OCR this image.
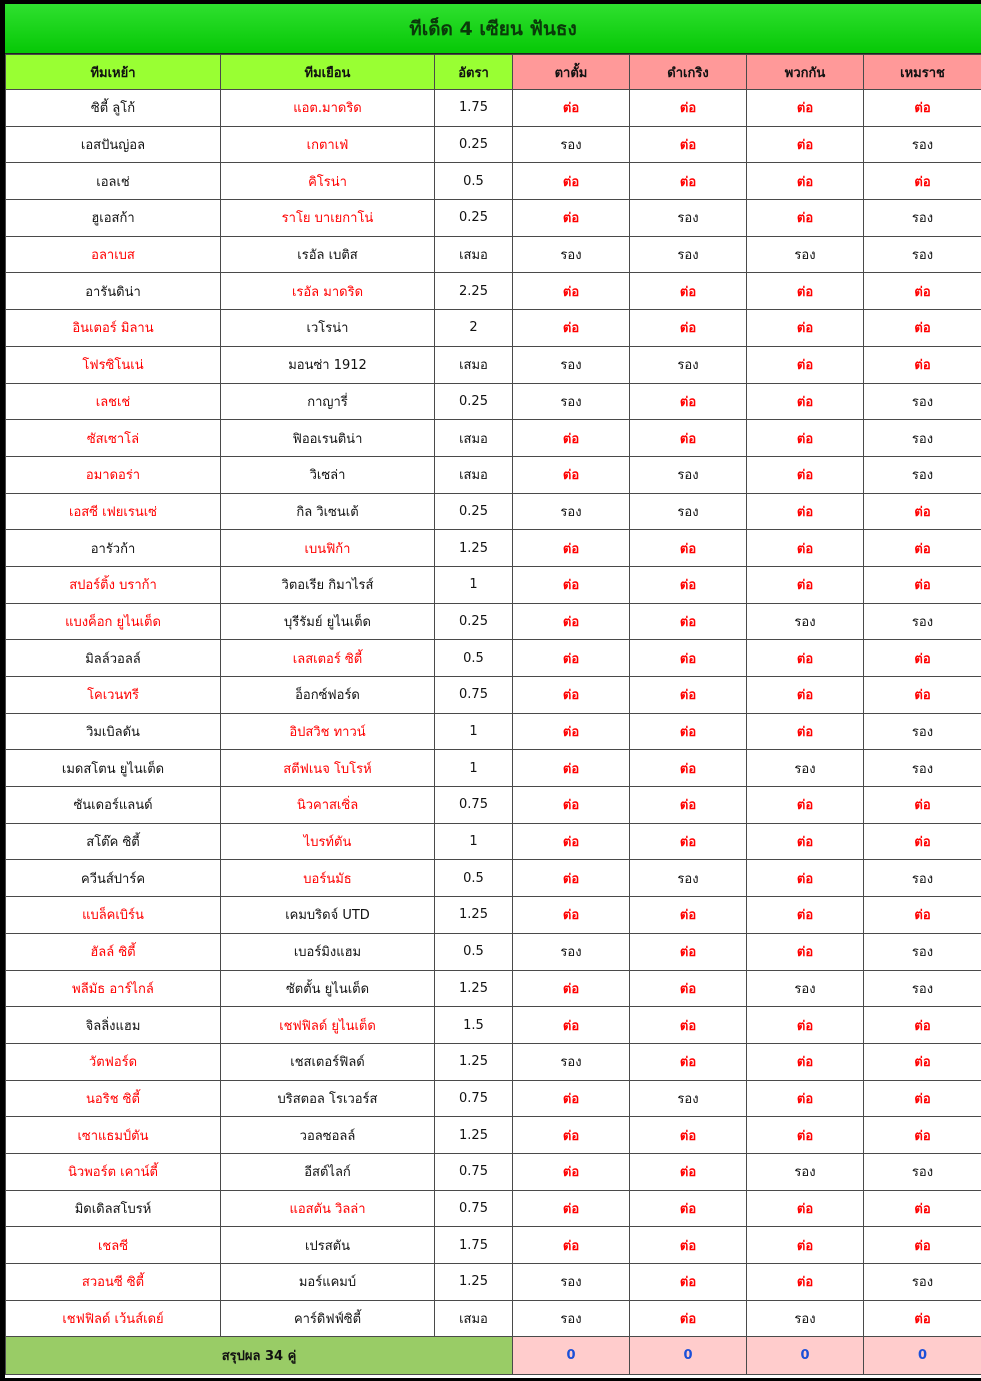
ทีเด็ด 4 เซียน ฟันธง
ทีมเหย้า	ทีมเยือน	อัตรา	ตาตั้ม	ดำเกริง	พวกกัน	เหมราช
ซิตี้ ลูโก้	แอต.มาดริด	1.75	ต่อ	ต่อ	ต่อ	ต่อ
เอสปันญ่อล	เกตาเฟ่	0.25	รอง	ต่อ	ต่อ	รอง
เอลเช่	คิโรน่า	0.5	ต่อ	ต่อ	ต่อ	ต่อ
ฮูเอสก้า	ราโย บาเยกาโน่	0.25	ต่อ	รอง	ต่อ	รอง
อลาเบส	เรอัล เบติส	เสมอ	รอง	รอง	รอง	รอง
อารันดิน่า	เรอัล มาดริด	2.25	ต่อ	ต่อ	ต่อ	ต่อ
อินเตอร์ มิลาน	เวโรน่า	2	ต่อ	ต่อ	ต่อ	ต่อ
โฟรซิโนเน่	มอนซ่า 1912	เสมอ	รอง	รอง	ต่อ	ต่อ
เลชเช่	กาญารี่	0.25	รอง	ต่อ	ต่อ	รอง
ซัสเซาโล่	ฟิออเรนติน่า	เสมอ	ต่อ	ต่อ	ต่อ	รอง
อมาดอร่า	วิเซล่า	เสมอ	ต่อ	รอง	ต่อ	รอง
เอสซี เฟยเรนเซ่	กิล วิเซนเต้	0.25	รอง	รอง	ต่อ	ต่อ
อารัวก้า	เบนฟิก้า	1.25	ต่อ	ต่อ	ต่อ	ต่อ
สปอร์ติ้ง บราก้า	วิตอเรีย กิมาไรส์	1	ต่อ	ต่อ	ต่อ	ต่อ
แบงค็อก ยูไนเต็ด	บุรีรัมย์ ยูไนเต็ด	0.25	ต่อ	ต่อ	รอง	รอง
มิลล์วอลล์	เลสเตอร์ ซิตี้	0.5	ต่อ	ต่อ	ต่อ	ต่อ
โคเวนทรี	อ็อกซ์ฟอร์ด	0.75	ต่อ	ต่อ	ต่อ	ต่อ
วิมเบิลดัน	อิปสวิช ทาวน์	1	ต่อ	ต่อ	ต่อ	รอง
เมดสโตน ยูไนเต็ด	สตีฟเนจ โบโรห์	1	ต่อ	ต่อ	รอง	รอง
ซันเดอร์แลนด์	นิวคาสเซิ่ล	0.75	ต่อ	ต่อ	ต่อ	ต่อ
สโต๊ค ซิตี้	ไบรท์ตัน	1	ต่อ	ต่อ	ต่อ	ต่อ
ควีนส์ปาร์ค	บอร์นมัธ	0.5	ต่อ	รอง	ต่อ	รอง
แบล็คเบิร์น	เคมบริดจ์ UTD	1.25	ต่อ	ต่อ	ต่อ	ต่อ
ฮัลล์ ซิตี้	เบอร์มิงแฮม	0.5	รอง	ต่อ	ต่อ	รอง
พลีมัธ อาร์ไกล์	ซัตตั้น ยูไนเต็ด	1.25	ต่อ	ต่อ	รอง	รอง
จิลลิ่งแฮม	เชฟฟิลด์ ยูไนเต็ด	1.5	ต่อ	ต่อ	ต่อ	ต่อ
วัตฟอร์ด	เชสเตอร์ฟิลด์	1.25	รอง	ต่อ	ต่อ	ต่อ
นอริช ซิตี้	บริสตอล โรเวอร์ส	0.75	ต่อ	รอง	ต่อ	ต่อ
เซาแธมป์ตัน	วอลซอลล์	1.25	ต่อ	ต่อ	ต่อ	ต่อ
นิวพอร์ต เคาน์ตี้	อีสต์ไลก์	0.75	ต่อ	ต่อ	รอง	รอง
มิดเดิลสโบรห์	แอสตัน วิลล่า	0.75	ต่อ	ต่อ	ต่อ	ต่อ
เชลซี	เปรสตัน	1.75	ต่อ	ต่อ	ต่อ	ต่อ
สวอนซี ซิตี้	มอร์แคมบ์	1.25	รอง	ต่อ	ต่อ	รอง
เชฟฟิลด์ เว้นส์เดย์	คาร์ดิฟฟ์ซิตี้	เสมอ	รอง	ต่อ	รอง	ต่อ
สรุปผล 34 คู่			0	0	0	0
